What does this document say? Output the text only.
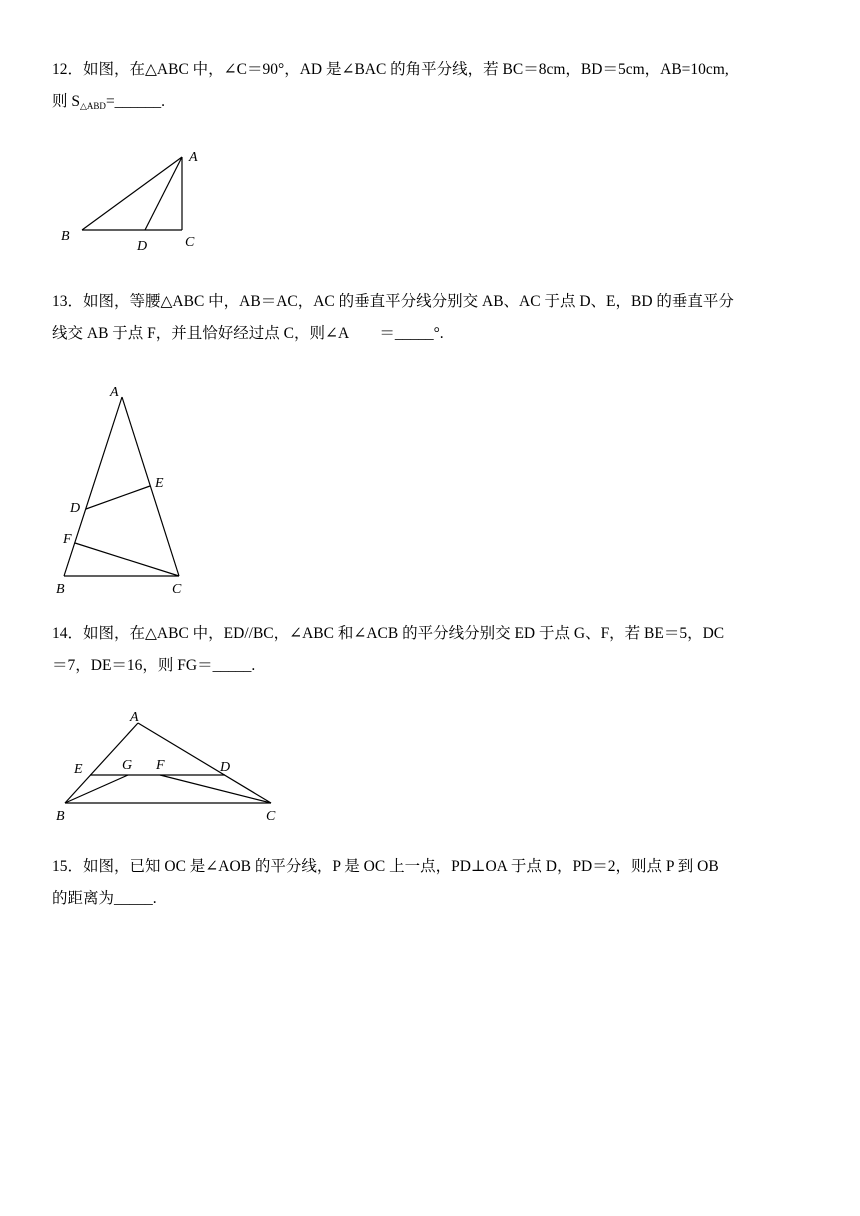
12．如图，在△ABC 中，∠C＝90°，AD 是∠BAC 的角平分线，若 BC＝8cm，BD＝5cm，AB=10cm,
则 $S_{\triangle ABD}=\_\_\_\_\_\_$.
A
B
D	C
13．如图，等腰△ABC 中，AB＝AC，AC 的垂直平分线分别交 AB、AC 于点 D、E，BD 的垂直平分
线交 AB 于点 F，并且恰好经过点 C，则∠A　　＝_____°.
A
E
D
F
B	C
14．如图，在△ABC 中，ED//BC，∠ABC 和∠ACB 的平分线分别交 ED 于点 G、F，若 BE＝5，DC
＝7，DE＝16，则 FG＝_____.
A
E	G F	D
B	C
15．如图，已知 OC 是∠AOB 的平分线，P 是 OC 上一点，PD⊥OA 于点 D，PD＝2，则点 P 到 OB
的距离为_____.
